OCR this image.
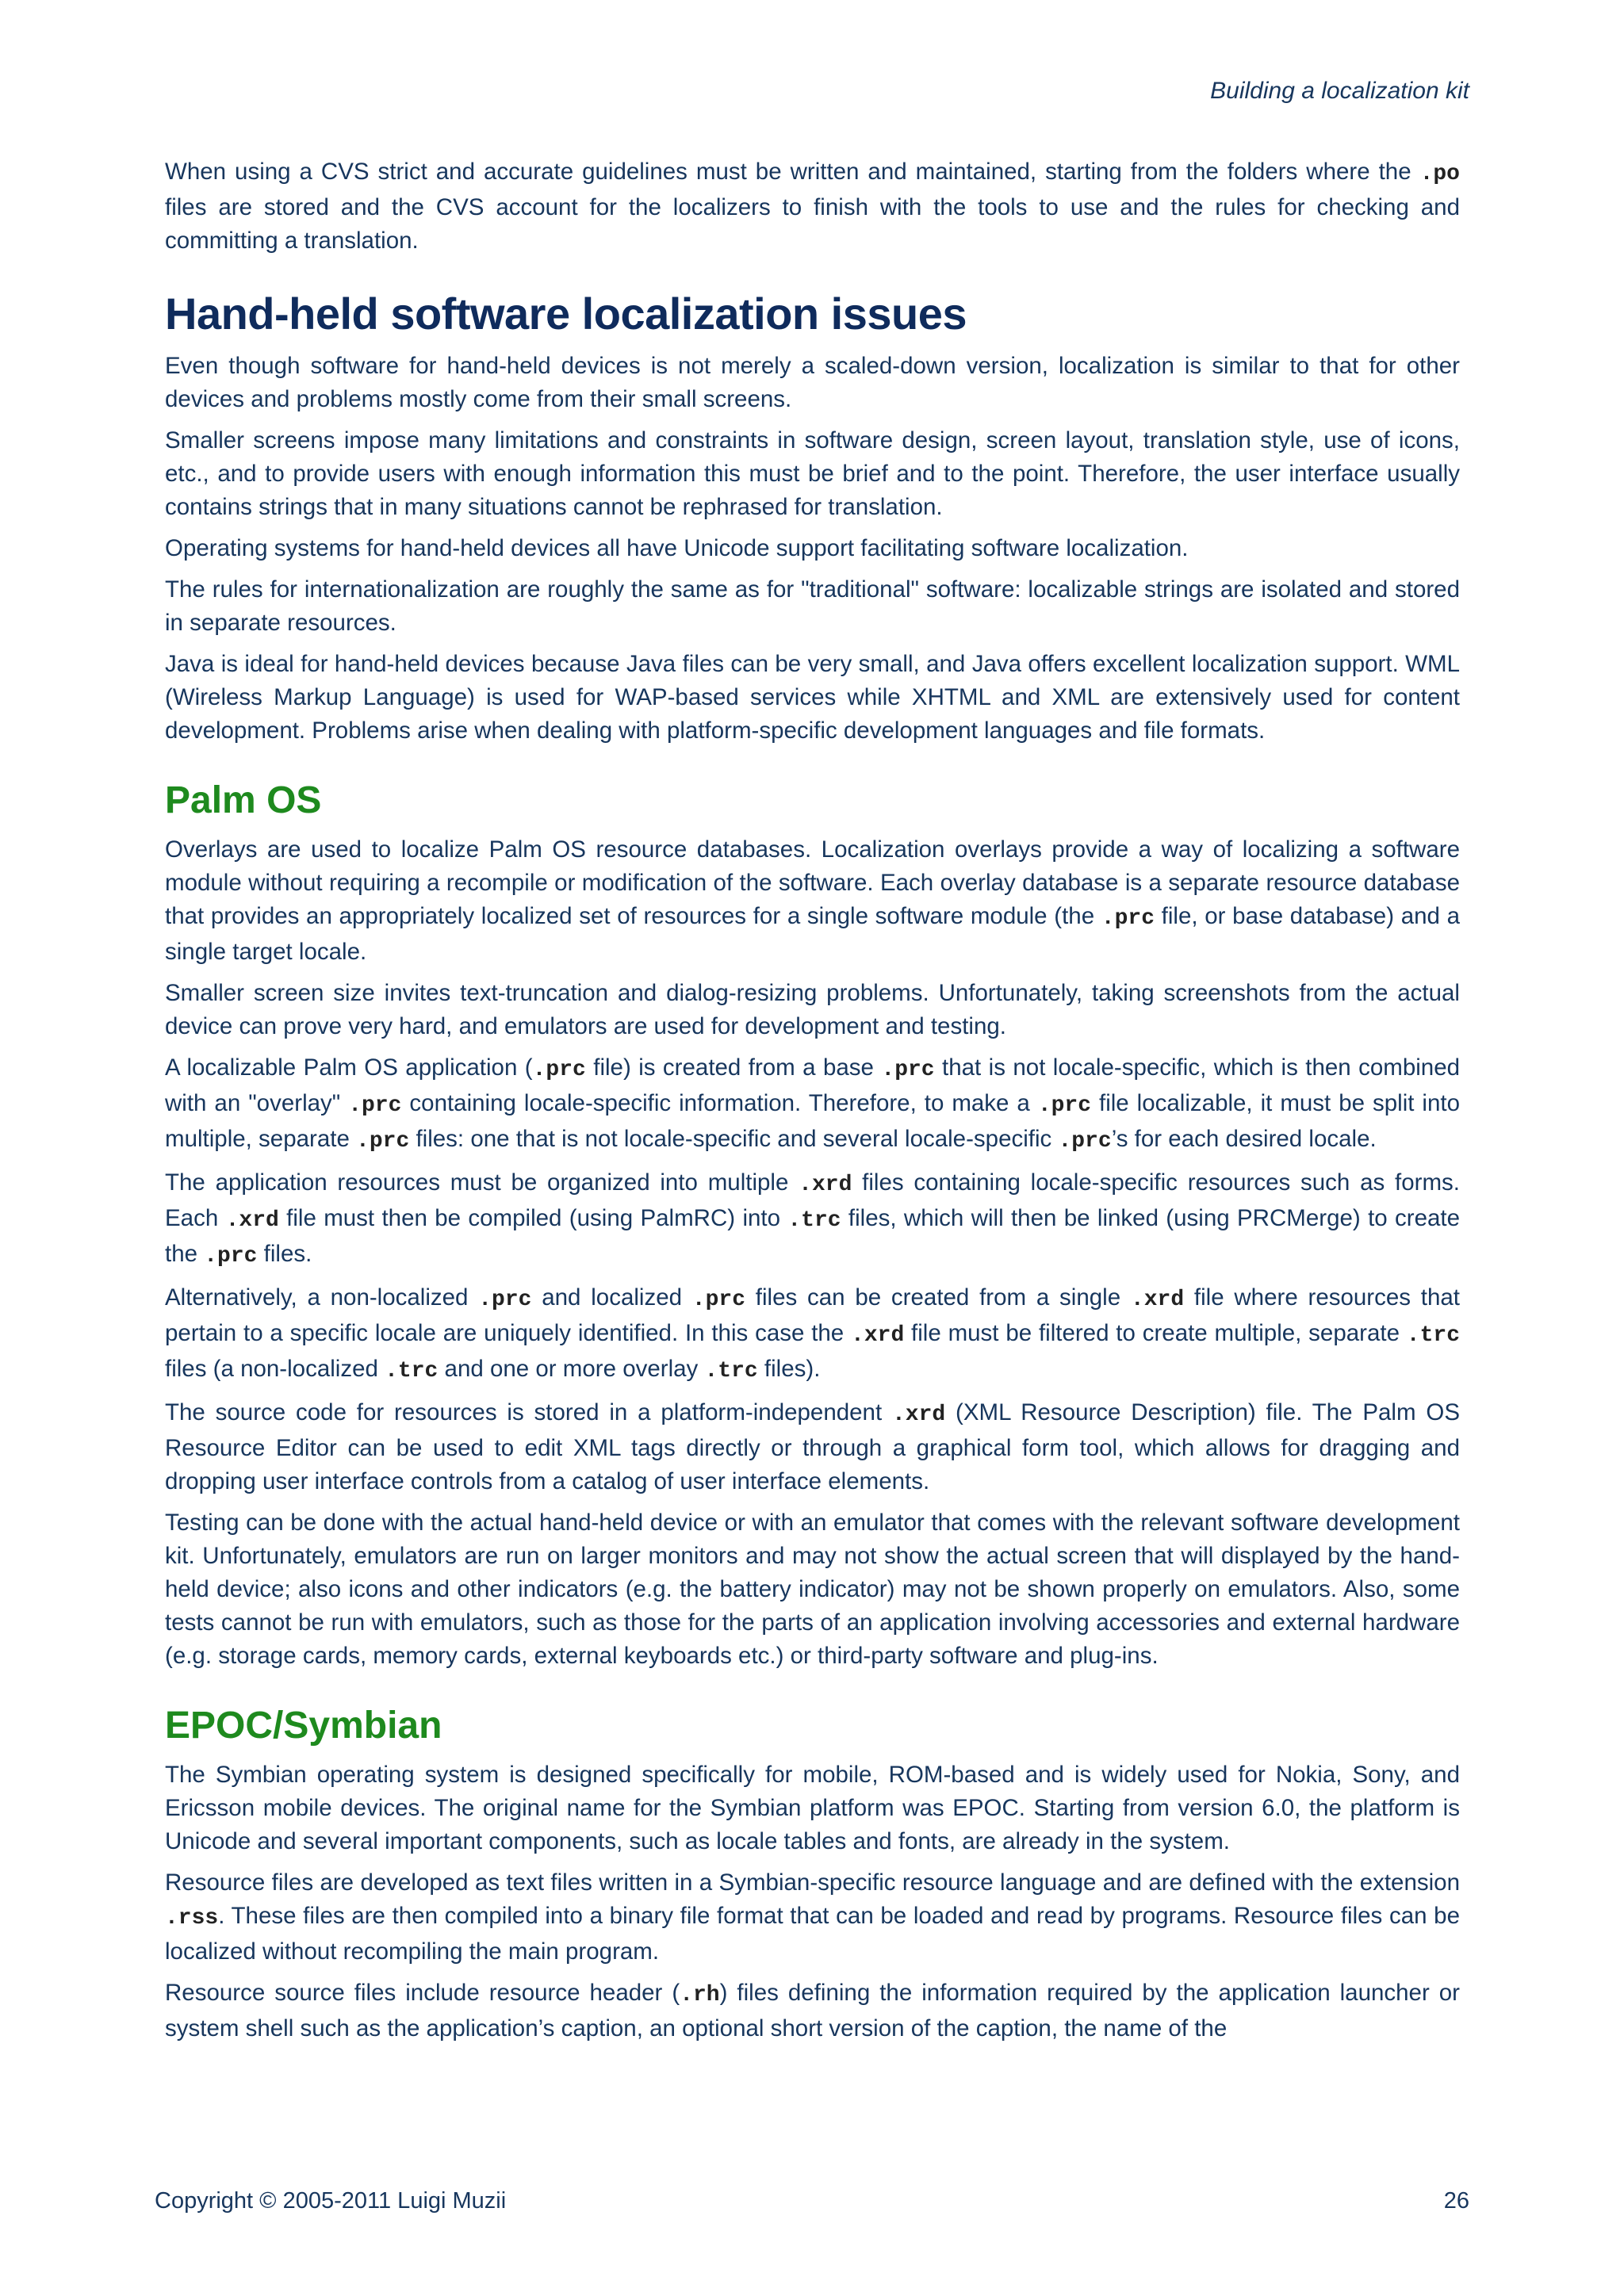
Building a localization kit

When using a CVS strict and accurate guidelines must be written and maintained, starting from the folders where the .po files are stored and the CVS account for the localizers to finish with the tools to use and the rules for checking and committing a translation.

Hand-held software localization issues

Even though software for hand-held devices is not merely a scaled-down version, localization is similar to that for other devices and problems mostly come from their small screens.

Smaller screens impose many limitations and constraints in software design, screen layout, translation style, use of icons, etc., and to provide users with enough information this must be brief and to the point. Therefore, the user interface usually contains strings that in many situations cannot be rephrased for translation.

Operating systems for hand-held devices all have Unicode support facilitating software localization.

The rules for internationalization are roughly the same as for "traditional" software: localizable strings are isolated and stored in separate resources.

Java is ideal for hand-held devices because Java files can be very small, and Java offers excellent localization support. WML (Wireless Markup Language) is used for WAP-based services while XHTML and XML are extensively used for content development. Problems arise when dealing with platform-specific development languages and file formats.

Palm OS

Overlays are used to localize Palm OS resource databases. Localization overlays provide a way of localizing a software module without requiring a recompile or modification of the software. Each overlay database is a separate resource database that provides an appropriately localized set of resources for a single software module (the .prc file, or base database) and a single target locale.

Smaller screen size invites text-truncation and dialog-resizing problems. Unfortunately, taking screenshots from the actual device can prove very hard, and emulators are used for development and testing.

A localizable Palm OS application (.prc file) is created from a base .prc that is not locale-specific, which is then combined with an "overlay" .prc containing locale-specific information. Therefore, to make a .prc file localizable, it must be split into multiple, separate .prc files: one that is not locale-specific and several locale-specific .prc’s for each desired locale.

The application resources must be organized into multiple .xrd files containing locale-specific resources such as forms. Each .xrd file must then be compiled (using PalmRC) into .trc files, which will then be linked (using PRCMerge) to create the .prc files.

Alternatively, a non-localized .prc and localized .prc files can be created from a single .xrd file where resources that pertain to a specific locale are uniquely identified. In this case the .xrd file must be filtered to create multiple, separate .trc files (a non-localized .trc and one or more overlay .trc files).

The source code for resources is stored in a platform-independent .xrd (XML Resource Description) file. The Palm OS Resource Editor can be used to edit XML tags directly or through a graphical form tool, which allows for dragging and dropping user interface controls from a catalog of user interface elements.

Testing can be done with the actual hand-held device or with an emulator that comes with the relevant software development kit. Unfortunately, emulators are run on larger monitors and may not show the actual screen that will displayed by the hand-held device; also icons and other indicators (e.g. the battery indicator) may not be shown properly on emulators. Also, some tests cannot be run with emulators, such as those for the parts of an application involving accessories and external hardware (e.g. storage cards, memory cards, external keyboards etc.) or third-party software and plug-ins.

EPOC/Symbian

The Symbian operating system is designed specifically for mobile, ROM-based and is widely used for Nokia, Sony, and Ericsson mobile devices. The original name for the Symbian platform was EPOC. Starting from version 6.0, the platform is Unicode and several important components, such as locale tables and fonts, are already in the system.

Resource files are developed as text files written in a Symbian-specific resource language and are defined with the extension .rss. These files are then compiled into a binary file format that can be loaded and read by programs. Resource files can be localized without recompiling the main program.

Resource source files include resource header (.rh) files defining the information required by the application launcher or system shell such as the application’s caption, an optional short version of the caption, the name of the

Copyright © 2005-2011 Luigi Muzii	26
